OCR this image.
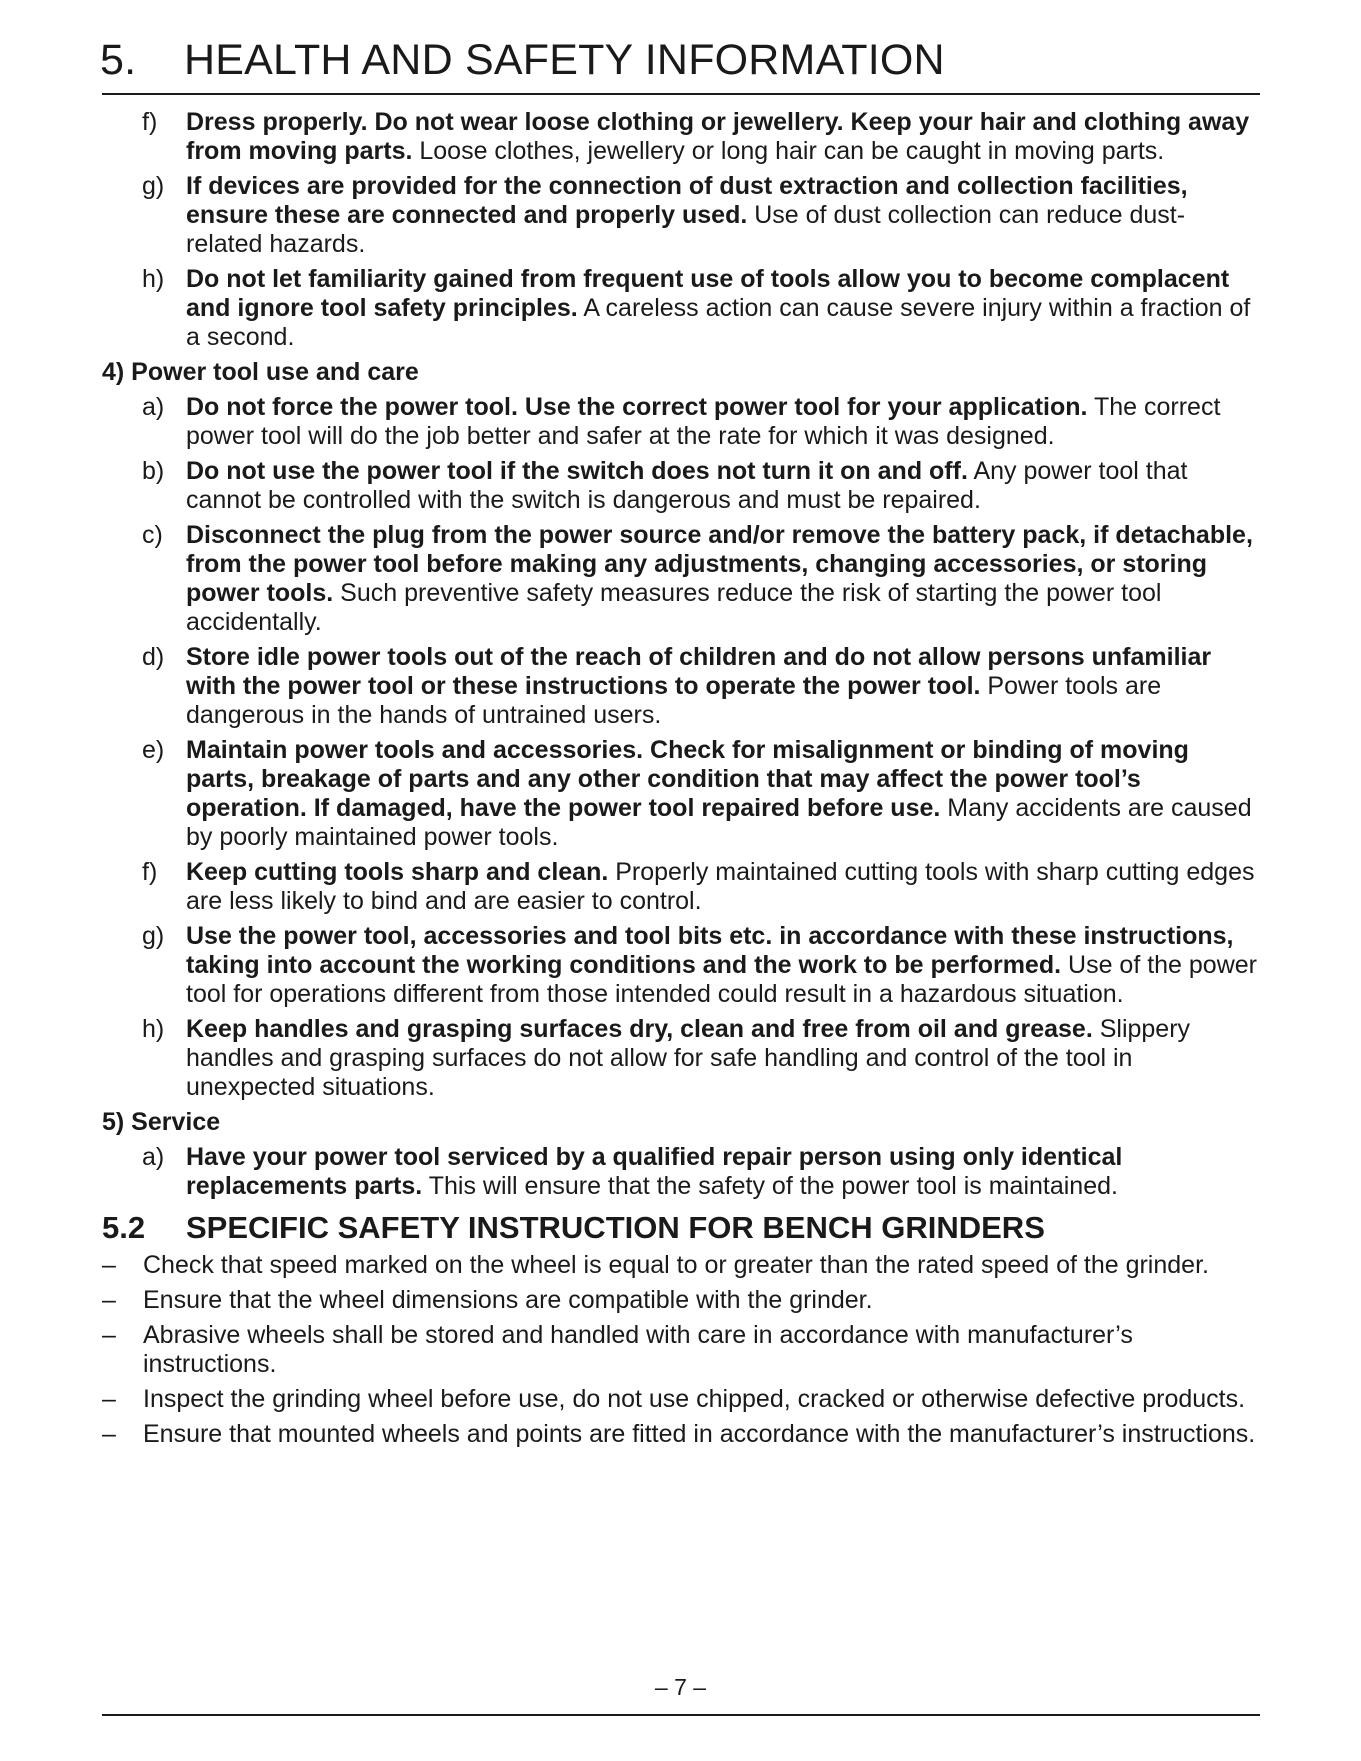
5. HEALTH AND SAFETY INFORMATION
f) Dress properly. Do not wear loose clothing or jewellery. Keep your hair and clothing away from moving parts. Loose clothes, jewellery or long hair can be caught in moving parts.
g) If devices are provided for the connection of dust extraction and collection facilities, ensure these are connected and properly used. Use of dust collection can reduce dust-related hazards.
h) Do not let familiarity gained from frequent use of tools allow you to become complacent and ignore tool safety principles. A careless action can cause severe injury within a fraction of a second.
4) Power tool use and care
a) Do not force the power tool. Use the correct power tool for your application. The correct power tool will do the job better and safer at the rate for which it was designed.
b) Do not use the power tool if the switch does not turn it on and off. Any power tool that cannot be controlled with the switch is dangerous and must be repaired.
c) Disconnect the plug from the power source and/or remove the battery pack, if detachable, from the power tool before making any adjustments, changing accessories, or storing power tools. Such preventive safety measures reduce the risk of starting the power tool accidentally.
d) Store idle power tools out of the reach of children and do not allow persons unfamiliar with the power tool or these instructions to operate the power tool. Power tools are dangerous in the hands of untrained users.
e) Maintain power tools and accessories. Check for misalignment or binding of moving parts, breakage of parts and any other condition that may affect the power tool’s operation. If damaged, have the power tool repaired before use. Many accidents are caused by poorly maintained power tools.
f) Keep cutting tools sharp and clean. Properly maintained cutting tools with sharp cutting edges are less likely to bind and are easier to control.
g) Use the power tool, accessories and tool bits etc. in accordance with these instructions, taking into account the working conditions and the work to be performed. Use of the power tool for operations different from those intended could result in a hazardous situation.
h) Keep handles and grasping surfaces dry, clean and free from oil and grease. Slippery handles and grasping surfaces do not allow for safe handling and control of the tool in unexpected situations.
5) Service
a) Have your power tool serviced by a qualified repair person using only identical replacements parts. This will ensure that the safety of the power tool is maintained.
5.2 SPECIFIC SAFETY INSTRUCTION FOR BENCH GRINDERS
– Check that speed marked on the wheel is equal to or greater than the rated speed of the grinder.
– Ensure that the wheel dimensions are compatible with the grinder.
– Abrasive wheels shall be stored and handled with care in accordance with manufacturer’s instructions.
– Inspect the grinding wheel before use, do not use chipped, cracked or otherwise defective products.
– Ensure that mounted wheels and points are fitted in accordance with the manufacturer’s instructions.
– 7 –
